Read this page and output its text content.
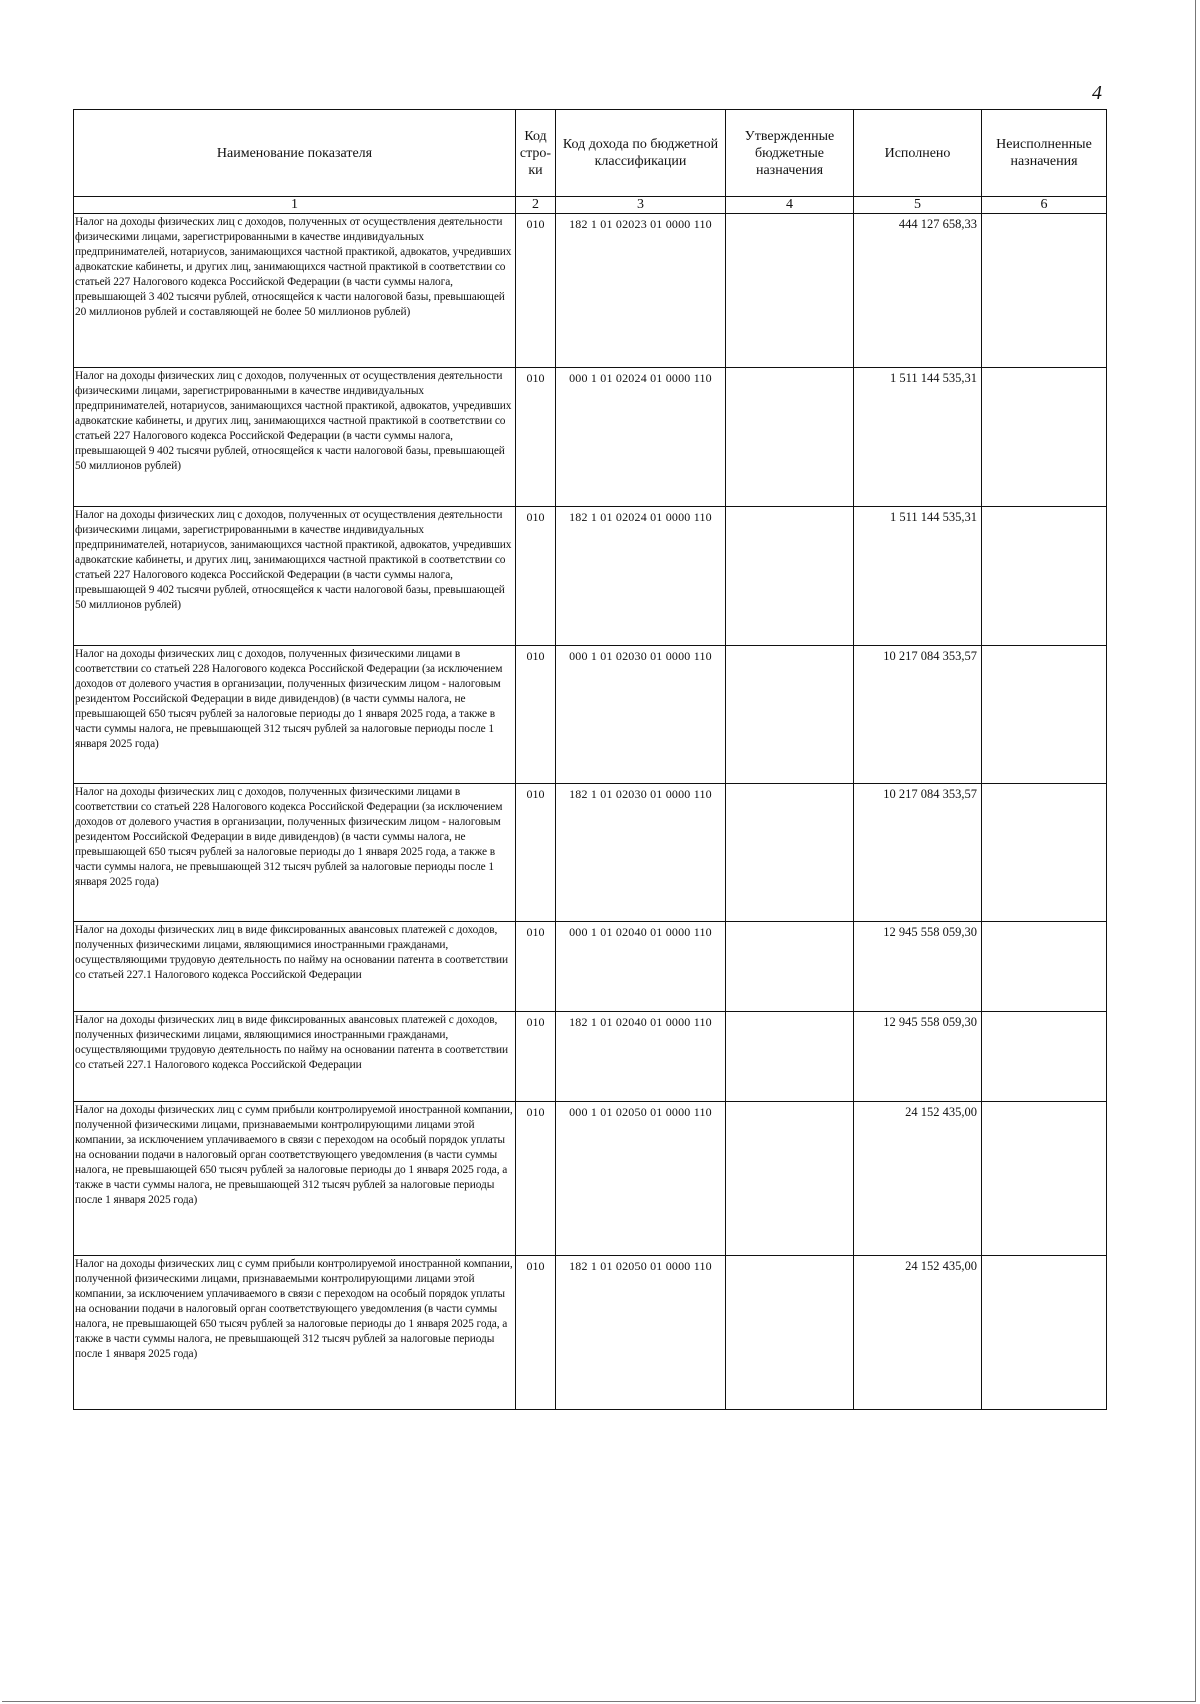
4
Наименование показателя	Код стро-ки	Код дохода по бюджетной классификации	Утвержденные бюджетные назначения	Исполнено	Неисполненные назначения
1	2	3	4	5	6
Налог на доходы физических лиц с доходов, полученных от осуществления деятельности физическими лицами, зарегистрированными в качестве индивидуальных предпринимателей, нотариусов, занимающихся частной практикой, адвокатов, учредивших адвокатские кабинеты, и других лиц, занимающихся частной практикой в соответствии со статьей 227 Налогового кодекса Российской Федерации (в части суммы налога, превышающей 3 402 тысячи рублей, относящейся к части налоговой базы, превышающей 20 миллионов рублей и составляющей не более 50 миллионов рублей)	010	182 1 01 02023 01 0000 110		444 127 658,33	
Налог на доходы физических лиц с доходов, полученных от осуществления деятельности физическими лицами, зарегистрированными в качестве индивидуальных предпринимателей, нотариусов, занимающихся частной практикой, адвокатов, учредивших адвокатские кабинеты, и других лиц, занимающихся частной практикой в соответствии со статьей 227 Налогового кодекса Российской Федерации (в части суммы налога, превышающей 9 402 тысячи рублей, относящейся к части налоговой базы, превышающей 50 миллионов рублей)	010	000 1 01 02024 01 0000 110		1 511 144 535,31	
Налог на доходы физических лиц с доходов, полученных от осуществления деятельности физическими лицами, зарегистрированными в качестве индивидуальных предпринимателей, нотариусов, занимающихся частной практикой, адвокатов, учредивших адвокатские кабинеты, и других лиц, занимающихся частной практикой в соответствии со статьей 227 Налогового кодекса Российской Федерации (в части суммы налога, превышающей 9 402 тысячи рублей, относящейся к части налоговой базы, превышающей 50 миллионов рублей)	010	182 1 01 02024 01 0000 110		1 511 144 535,31	
Налог на доходы физических лиц с доходов, полученных физическими лицами в соответствии со статьей 228 Налогового кодекса Российской Федерации (за исключением доходов от долевого участия в организации, полученных физическим лицом - налоговым резидентом Российской Федерации в виде дивидендов) (в части суммы налога, не превышающей 650 тысяч рублей за налоговые периоды до 1 января 2025 года, а также в части суммы налога, не превышающей 312 тысяч рублей за налоговые периоды после 1 января 2025 года)	010	000 1 01 02030 01 0000 110		10 217 084 353,57	
Налог на доходы физических лиц с доходов, полученных физическими лицами в соответствии со статьей 228 Налогового кодекса Российской Федерации (за исключением доходов от долевого участия в организации, полученных физическим лицом - налоговым резидентом Российской Федерации в виде дивидендов) (в части суммы налога, не превышающей 650 тысяч рублей за налоговые периоды до 1 января 2025 года, а также в части суммы налога, не превышающей 312 тысяч рублей за налоговые периоды после 1 января 2025 года)	010	182 1 01 02030 01 0000 110		10 217 084 353,57	
Налог на доходы физических лиц в виде фиксированных авансовых платежей с доходов, полученных физическими лицами, являющимися иностранными гражданами, осуществляющими трудовую деятельность по найму на основании патента в соответствии со статьей 227.1 Налогового кодекса Российской Федерации	010	000 1 01 02040 01 0000 110		12 945 558 059,30	
Налог на доходы физических лиц в виде фиксированных авансовых платежей с доходов, полученных физическими лицами, являющимися иностранными гражданами, осуществляющими трудовую деятельность по найму на основании патента в соответствии со статьей 227.1 Налогового кодекса Российской Федерации	010	182 1 01 02040 01 0000 110		12 945 558 059,30	
Налог на доходы физических лиц с сумм прибыли контролируемой иностранной компании, полученной физическими лицами, признаваемыми контролирующими лицами этой компании, за исключением уплачиваемого в связи с переходом на особый порядок уплаты на основании подачи в налоговый орган соответствующего уведомления (в части суммы налога, не превышающей 650 тысяч рублей за налоговые периоды до 1 января 2025 года, а также в части суммы налога, не превышающей 312 тысяч рублей за налоговые периоды после 1 января 2025 года)	010	000 1 01 02050 01 0000 110		24 152 435,00	
Налог на доходы физических лиц с сумм прибыли контролируемой иностранной компании, полученной физическими лицами, признаваемыми контролирующими лицами этой компании, за исключением уплачиваемого в связи с переходом на особый порядок уплаты на основании подачи в налоговый орган соответствующего уведомления (в части суммы налога, не превышающей 650 тысяч рублей за налоговые периоды до 1 января 2025 года, а также в части суммы налога, не превышающей 312 тысяч рублей за налоговые периоды после 1 января 2025 года)	010	182 1 01 02050 01 0000 110		24 152 435,00	
